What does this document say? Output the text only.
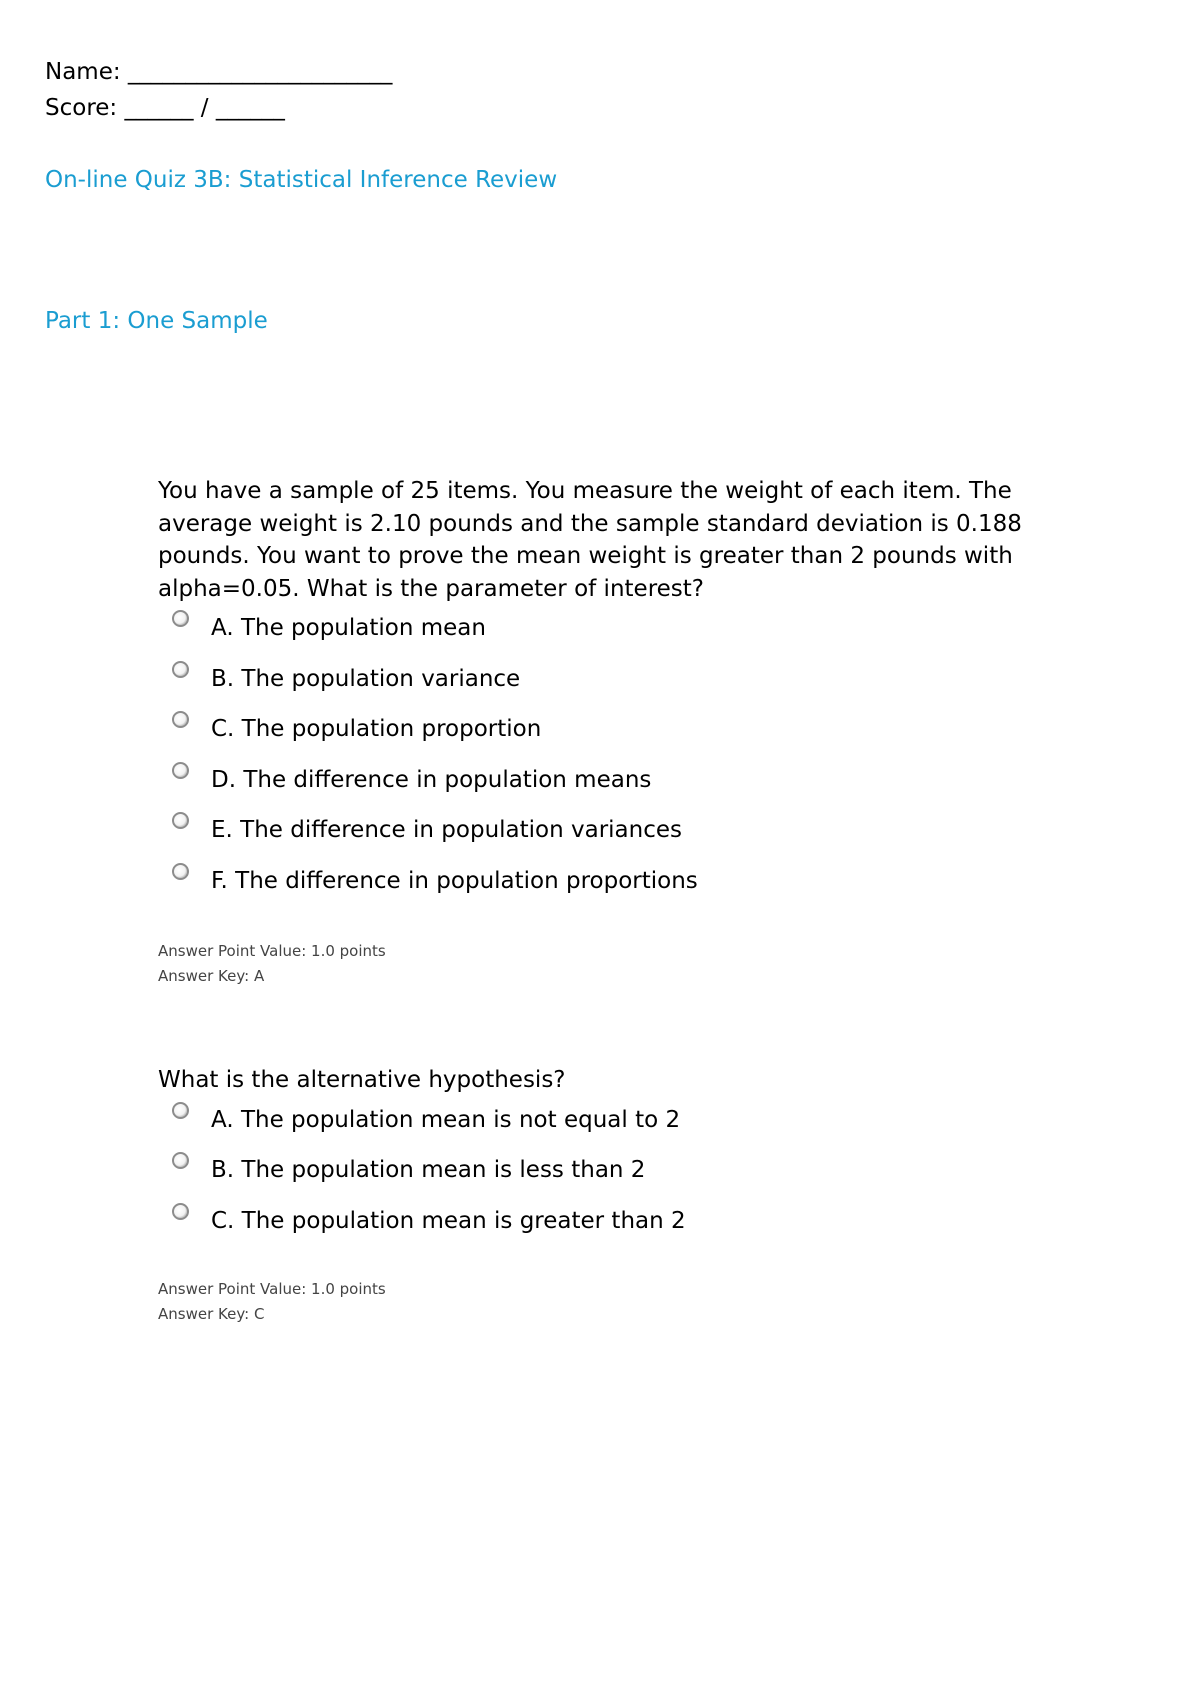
Name: _______________________
Score: ______ / ______
On-line Quiz 3B: Statistical Inference Review
Part 1: One Sample

You have a sample of 25 items. You measure the weight of each item. The average weight is 2.10 pounds and the sample standard deviation is 0.188 pounds. You want to prove the mean weight is greater than 2 pounds with alpha=0.05. What is the parameter of interest?

A. The population mean
B. The population variance
C. The population proportion
D. The difference in population means
E. The difference in population variances
F. The difference in population proportions
Answer Point Value: 1.0 points
Answer Key: A

What is the alternative hypothesis?

A. The population mean is not equal to 2
B. The population mean is less than 2
C. The population mean is greater than 2
Answer Point Value: 1.0 points
Answer Key: C
